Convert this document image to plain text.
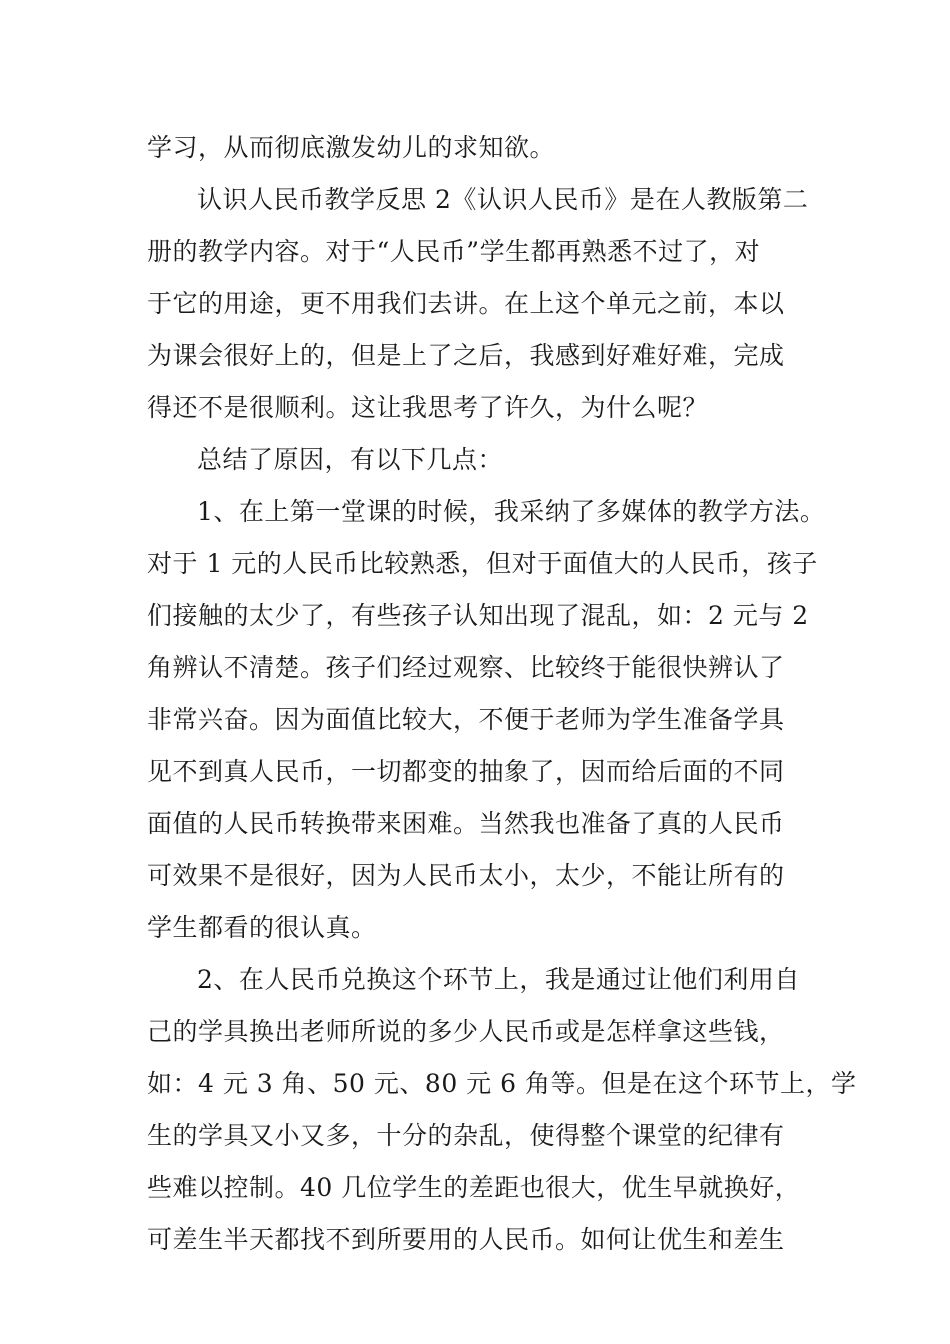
学习，从而彻底激发幼儿的求知欲。
认识人民币教学反思 2《认识人民币》是在人教版第二
册的教学内容。对于“人民币”学生都再熟悉不过了，对
于它的用途，更不用我们去讲。在上这个单元之前，本以
为课会很好上的，但是上了之后，我感到好难好难，完成
得还不是很顺利。这让我思考了许久，为什么呢？
总结了原因，有以下几点：
1、在上第一堂课的时候，我采纳了多媒体的教学方法。
对于 1 元的人民币比较熟悉，但对于面值大的人民币，孩子
们接触的太少了，有些孩子认知出现了混乱，如：2 元与 2
角辨认不清楚。孩子们经过观察、比较终于能很快辨认了
非常兴奋。因为面值比较大，不便于老师为学生准备学具
见不到真人民币，一切都变的抽象了，因而给后面的不同
面值的人民币转换带来困难。当然我也准备了真的人民币
可效果不是很好，因为人民币太小，太少，不能让所有的
学生都看的很认真。
2、在人民币兑换这个环节上，我是通过让他们利用自
己的学具换出老师所说的多少人民币或是怎样拿这些钱，
如：4 元 3 角、50 元、80 元 6 角等。但是在这个环节上，学
生的学具又小又多，十分的杂乱，使得整个课堂的纪律有
些难以控制。40 几位学生的差距也很大，优生早就换好，
可差生半天都找不到所要用的人民币。如何让优生和差生
